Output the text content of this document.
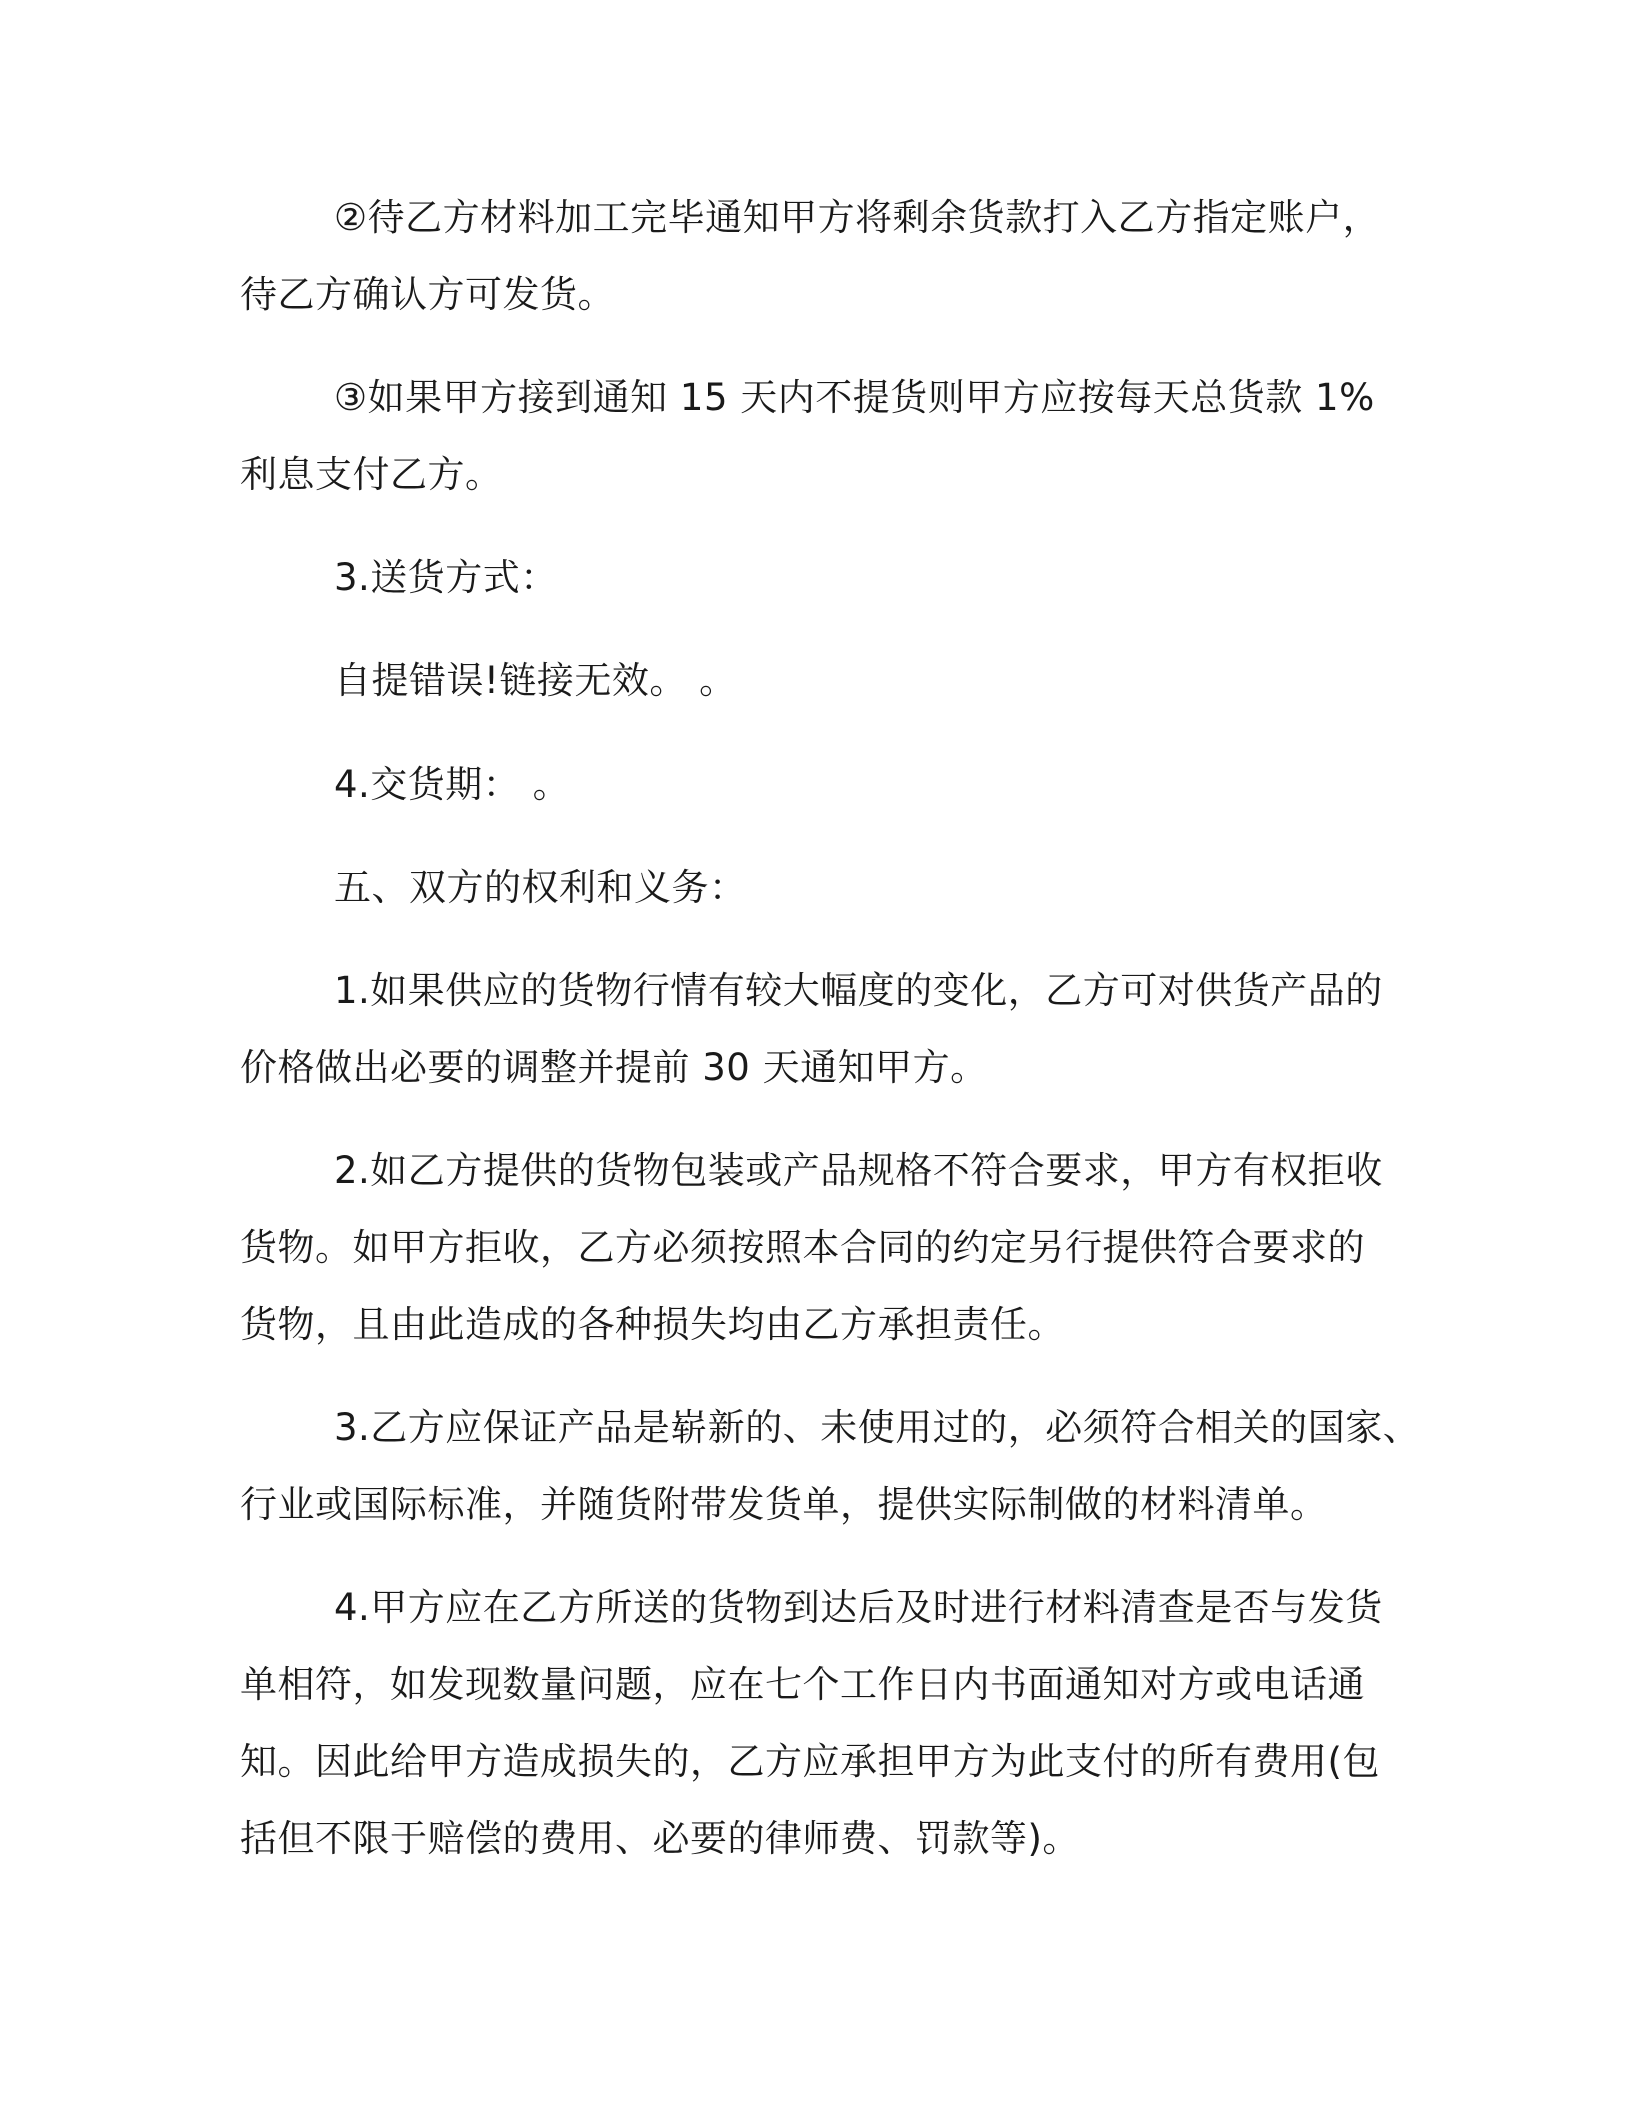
②待乙方材料加工完毕通知甲方将剩余货款打入乙方指定账户，
待乙方确认方可发货。
③如果甲方接到通知 15 天内不提货则甲方应按每天总货款 1%
利息支付乙方。
3.送货方式：
自提错误!链接无效。 。
4.交货期： 。
五、双方的权利和义务：
1.如果供应的货物行情有较大幅度的变化，乙方可对供货产品的
价格做出必要的调整并提前 30 天通知甲方。
2.如乙方提供的货物包装或产品规格不符合要求，甲方有权拒收
货物。如甲方拒收，乙方必须按照本合同的约定另行提供符合要求的
货物，且由此造成的各种损失均由乙方承担责任。
3.乙方应保证产品是崭新的、未使用过的，必须符合相关的国家、
行业或国际标准，并随货附带发货单，提供实际制做的材料清单。
4.甲方应在乙方所送的货物到达后及时进行材料清查是否与发货
单相符，如发现数量问题，应在七个工作日内书面通知对方或电话通
知。因此给甲方造成损失的，乙方应承担甲方为此支付的所有费用(包
括但不限于赔偿的费用、必要的律师费、罚款等)。
